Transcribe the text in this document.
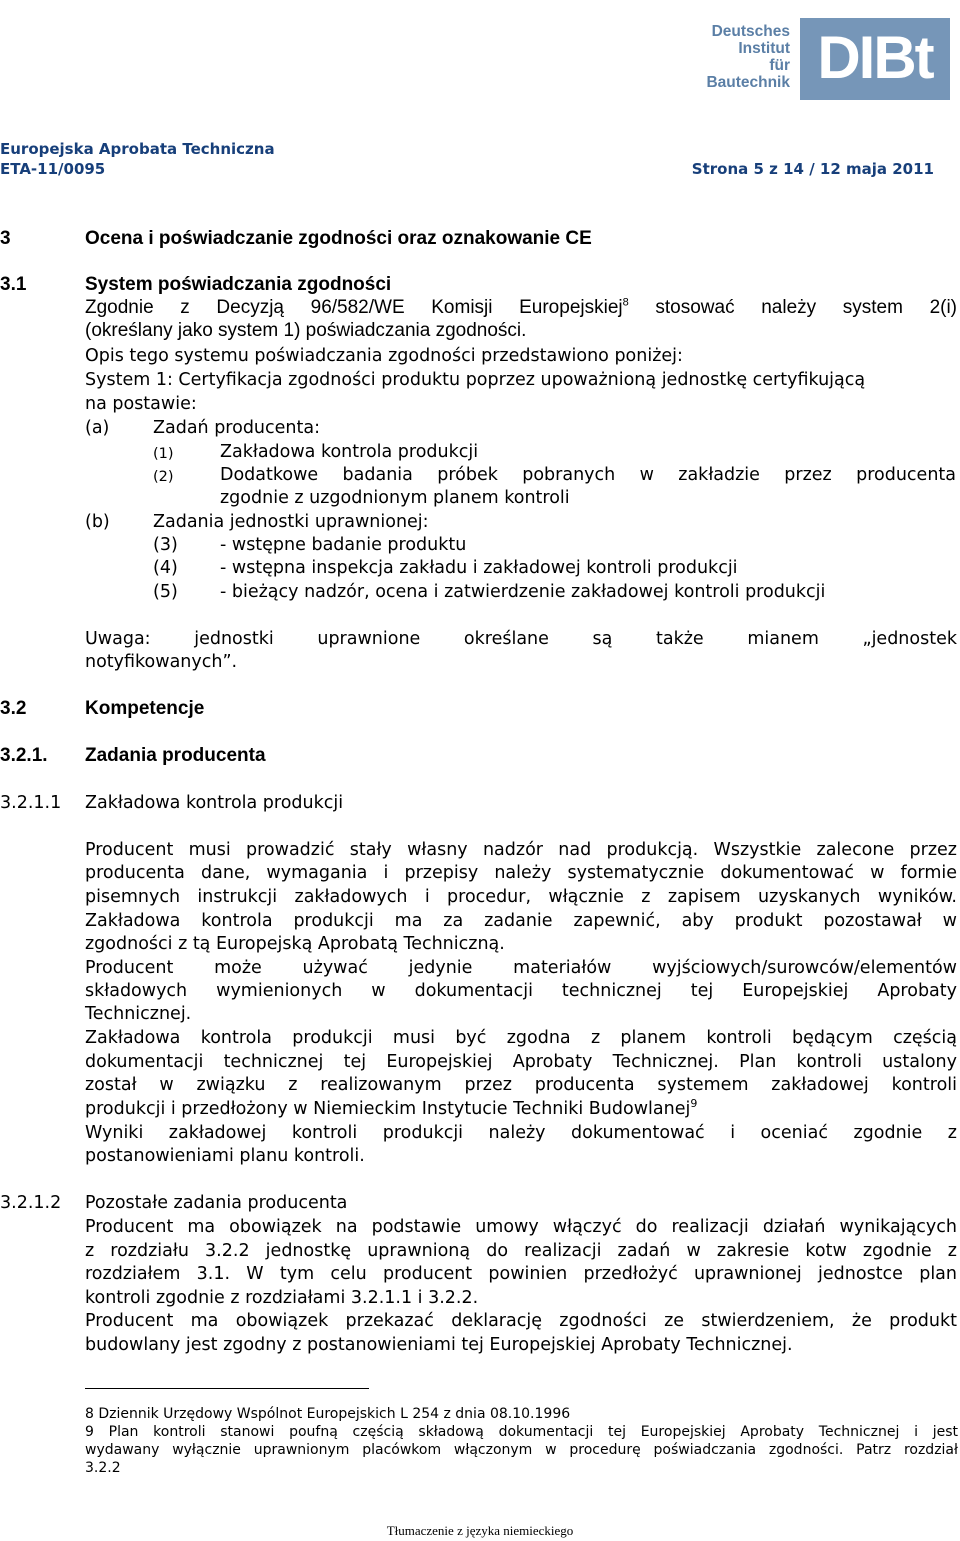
Deutsches
Institut
für
Bautechnik DIBt
Europejska Aprobata Techniczna
ETA-11/0095	Strona 5 z 14 / 12 maja 2011
3	Ocena i poświadczanie zgodności oraz oznakowanie CE
3.1	System poświadczania zgodności
Zgodnie z Decyzją 96/582/WE Komisji Europejskiej$^8$ stosować należy system 2(i)
(określany jako system 1) poświadczania zgodności.
Opis tego systemu poświadczania zgodności przedstawiono poniżej:
System 1: Certyfikacja zgodności produktu poprzez upoważnioną jednostkę certyfikującą
na postawie:
(a) Zadań producenta:
(1)	Zakładowa kontrola produkcji
(2)	Dodatkowe badania próbek pobranych w zakładzie przez producenta
zgodnie z uzgodnionym planem kontroli
(b) Zadania jednostki uprawnionej:
(3) - wstępne badanie produktu
(4) - wstępna inspekcja zakładu i zakładowej kontroli produkcji
(5) - bieżący nadzór, ocena i zatwierdzenie zakładowej kontroli produkcji
Uwaga: jednostki uprawnione określane są także mianem „jednostek
notyfikowanych”.
3.2	Kompetencje
3.2.1. Zadania producenta
3.2.1.1 Zakładowa kontrola produkcji
Producent musi prowadzić stały własny nadzór nad produkcją. Wszystkie zalecone przez
producenta dane, wymagania i przepisy należy systematycznie dokumentować w formie
pisemnych instrukcji zakładowych i procedur, włącznie z zapisem uzyskanych wyników.
Zakładowa kontrola produkcji ma za zadanie zapewnić, aby produkt pozostawał w
zgodności z tą Europejską Aprobatą Techniczną.
Producent może używać jedynie materiałów wyjściowych/surowców/elementów
składowych wymienionych w dokumentacji technicznej tej Europejskiej Aprobaty
Technicznej.
Zakładowa kontrola produkcji musi być zgodna z planem kontroli będącym częścią
dokumentacji technicznej tej Europejskiej Aprobaty Technicznej. Plan kontroli ustalony
został w związku z realizowanym przez producenta systemem zakładowej kontroli
produkcji i przedłożony w Niemieckim Instytucie Techniki Budowlanej$^9$
Wyniki zakładowej kontroli produkcji należy dokumentować i oceniać zgodnie z
postanowieniami planu kontroli.
3.2.1.2 Pozostałe zadania producenta
Producent ma obowiązek na podstawie umowy włączyć do realizacji działań wynikających
z rozdziału 3.2.2 jednostkę uprawnioną do realizacji zadań w zakresie kotw zgodnie z
rozdziałem 3.1. W tym celu producent powinien przedłożyć uprawnionej jednostce plan
kontroli zgodnie z rozdziałami 3.2.1.1 i 3.2.2.
Producent ma obowiązek przekazać deklarację zgodności ze stwierdzeniem, że produkt
budowlany jest zgodny z postanowieniami tej Europejskiej Aprobaty Technicznej.
8 Dziennik Urzędowy Wspólnot Europejskich L 254 z dnia 08.10.1996
9 Plan kontroli stanowi poufną częścią składową dokumentacji tej Europejskiej Aprobaty Technicznej i jest
wydawany wyłącznie uprawnionym placówkom włączonym w procedurę poświadczania zgodności. Patrz rozdział
3.2.2
Tłumaczenie z języka niemieckiego
